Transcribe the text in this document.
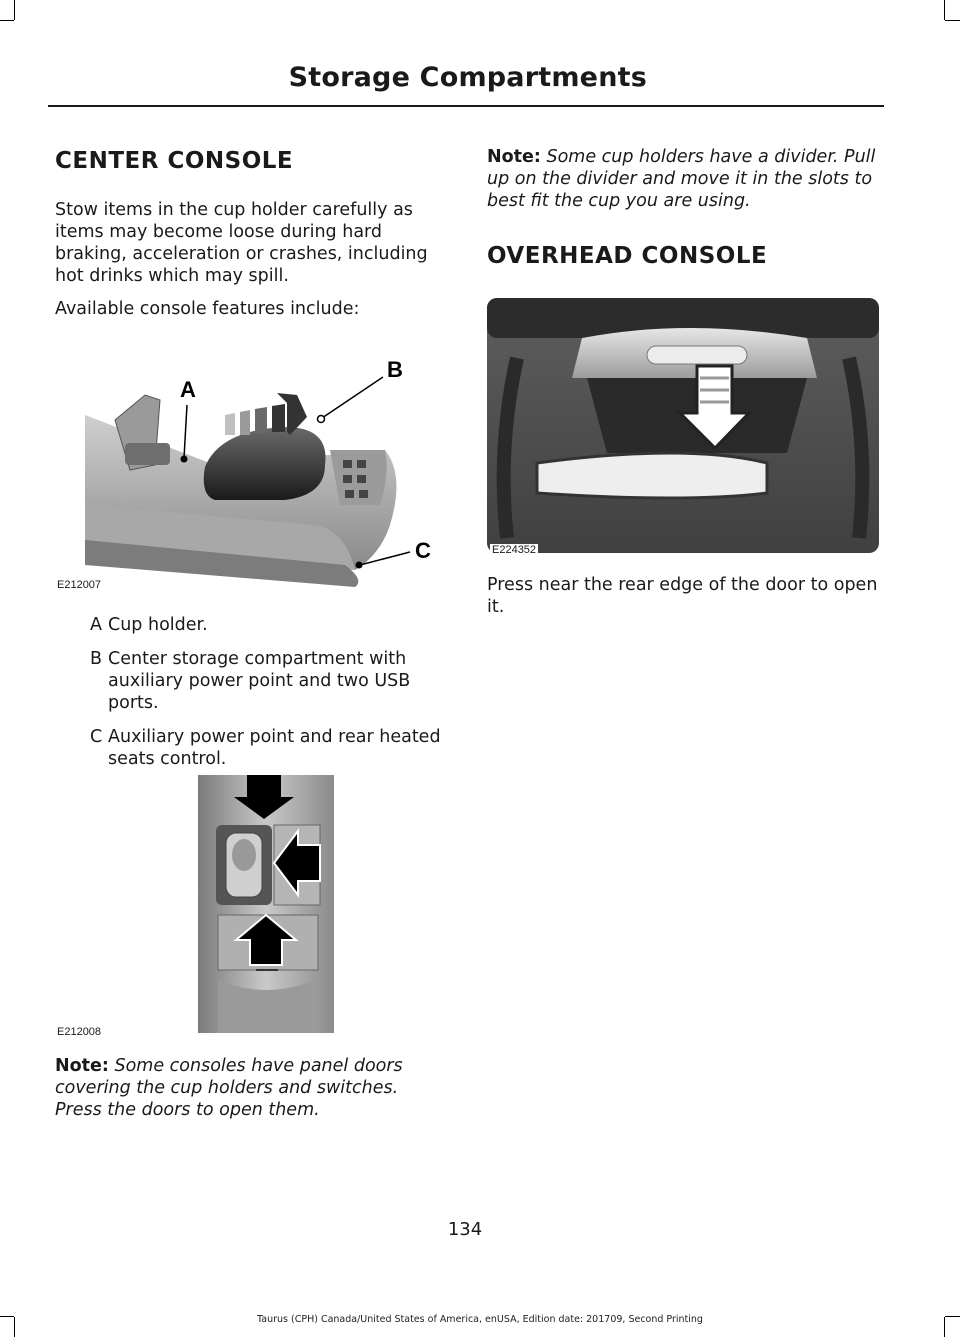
Storage Compartments
CENTER CONSOLE

Stow items in the cup holder carefully as items may become loose during hard braking, acceleration or crashes, including hot drinks which may spill.

Available console features include:

A
B
C
E212007
A Cup holder.
B Center storage compartment with auxiliary power point and two USB ports.
C Auxiliary power point and rear heated seats control.
E212008

Note: Some consoles have panel doors covering the cup holders and switches. Press the doors to open them.

Note: Some cup holders have a divider. Pull up on the divider and move it in the slots to best fit the cup you are using.

OVERHEAD CONSOLE
E224352

Press near the rear edge of the door to open it.

134
Taurus (CPH) Canada/United States of America, enUSA, Edition date: 201709, Second Printing
